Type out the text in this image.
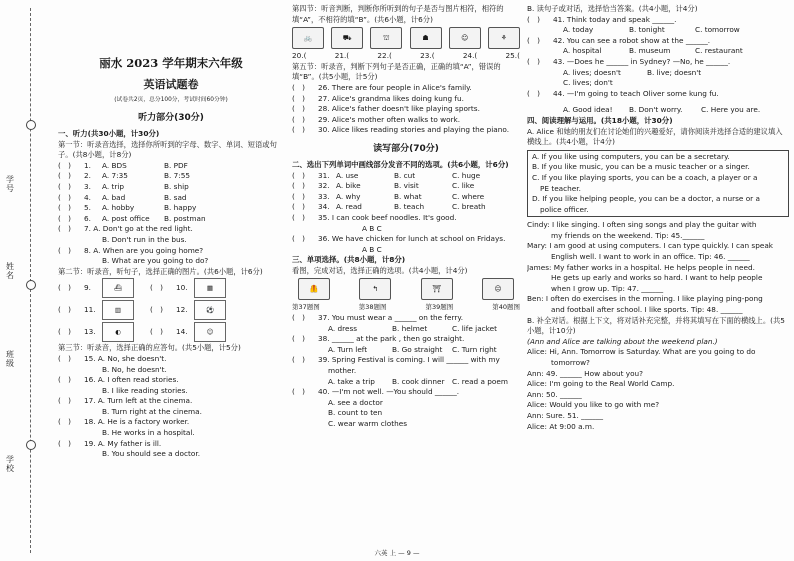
学号
姓名
班级
学校
丽水 2023 学年期末六年级
英语试题卷
(试卷共2页，总分100分，考试时间60分钟)
听力部分(30分)
一、听力(共30小题，计30分)
第一节：听录音选择，选择你所听到的字母、数字、单词、短语或句子。(共8小题，计8分)
(　)	1.	A. BDS	B. PDF
(　)	2.	A. 7:35	B. 7:55
(　)	3.	A. trip	B. ship
(　)	4.	A. bad	B. sad
(　)	5.	A. hobby	B. happy
(　)	6.	A. post office	B. postman
(　)	7. A. Don't go at the red light.
B. Don't run in the bus.
(　)	8. A. When are you going home?
B. What are you going to do?
第二节：听录音，听句子，选择正确的图片。(共6小题，计6分)
(　)	9.	⛴	(　)	10.	▦
(　)	11.	▥	(　)	12.	⚽
(　)	13.	◐	(　)	14.	☺
第三节：听录音，选择正确的应答句。(共5小题，计5分)
(　)	15. A. No, she doesn't.
B. No, he doesn't.
(　)	16. A. I often read stories.
B. I like reading stories.
(　)	17. A. Turn left at the cinema.
B. Turn right at the cinema.
(　)	18. A. He is a factory worker.
B. He works in a hospital.
(　)	19. A. My father is ill.
B. You should see a doctor.
第四节：听音判断，判断你所听到的句子是否与图片相符，相符的填“A”，不相符的填“B”。(共6小题，计6分)
🚲	⛟	⛫	☗	☺	⚘
20.(	21.(	22.(	23.(	24.(	25.(
第五节：听录音，判断下列句子是否正确，正确的填“A”，错误的填“B”。(共5小题，计5分)
(　)	26. There are four people in Alice's family.
(　)	27. Alice's grandma likes doing kung fu.
(　)	28. Alice's father doesn't like playing sports.
(　)	29. Alice's mother often walks to work.
(　)	30. Alice likes reading stories and playing the piano.
读写部分(70分)
二、选出下列单词中画线部分发音不同的选项。(共6小题，计6分)
(　)	31. A. use	B. cut	C. huge
(　)	32. A. bike	B. visit	C. like
(　)	33. A. why	B. what	C. where
(　)	34. A. read	B. teach	C. breath
(　)	35. I can cook beef noodles. It's good.
A B C
(　)	36. We have chicken for lunch at school on Fridays.
A B C
三、单项选择。(共8小题，计8分)
看图，完成对话，选择正确的选项。(共4小题，计4分)
🦺	↰	⛩	☹
第37题图	第38题图	第39题图	第40题图
(　)	37. You must wear a ______ on the ferry.
A. dress	B. helmet	C. life jacket
(　)	38. ______ at the park , then go straight.
A. Turn left	B. Go straight	C. Turn right
(　)	39. Spring Festival is coming. I will ______ with my
mother.
A. take a trip	B. cook dinner	C. read a poem
(　)	40. —I'm not well. —You should ______.
A. see a doctor
B. count to ten
C. wear warm clothes
B. 读句子或对话，选择恰当答案。(共4小题，计4分)
(　)	41. Think today and speak ______.
A. today	B. tonight	C. tomorrow
(　)	42. You can see a robot show at the ______.
A. hospital	B. museum	C. restaurant
(　)	43. —Does he ______ in Sydney? —No, he ______.
A. lives; doesn't	B. live; doesn't
C. lives; don't
(　)	44. —I'm going to teach Oliver some kung fu.
A. Good idea!	B. Don't worry.	C. Here you are.
四、阅读理解与运用。(共18小题，计30分)
A. Alice 和她的朋友们在讨论她们的兴趣爱好，请你阅读并选择合适的建议填入横线上。(共4小题，计4分)
A. If you like using computers, you can be a secretary.
B. If you like music, you can be a music teacher or a singer.
C. If you like playing sports, you can be a coach, a player or a
PE teacher.
D. If you like helping people, you can be a doctor, a nurse or a
police officer.
Cindy: I like singing. I often sing songs and play the guitar with
my friends on the weekend. Tip: 45.______
Mary: I am good at using computers. I can type quickly. I can speak
English well. I want to work in an office. Tip: 46. ______
James: My father works in a hospital. He helps people in need.
He gets up early and works so hard. I want to help people
when I grow up. Tip: 47. ______
Ben: I often do exercises in the morning. I like playing ping-pong
and football after school. I like sports. Tip: 48. ______
B. 补全对话。根据上下文，将对话补充完整，并将其填写在下面的横线上。(共5小题，计10分)
(Ann and Alice are talking about the weekend plan.)
Alice: Hi, Ann. Tomorrow is Saturday. What are you going to do
tomorrow?
Ann: 49. ______ How about you?
Alice: I'm going to the Real World Camp.
Ann: 50. ______
Alice: Would you like to go with me?
Ann: Sure. 51. ______
Alice: At 9:00 a.m.
六英 上 — 9 —
